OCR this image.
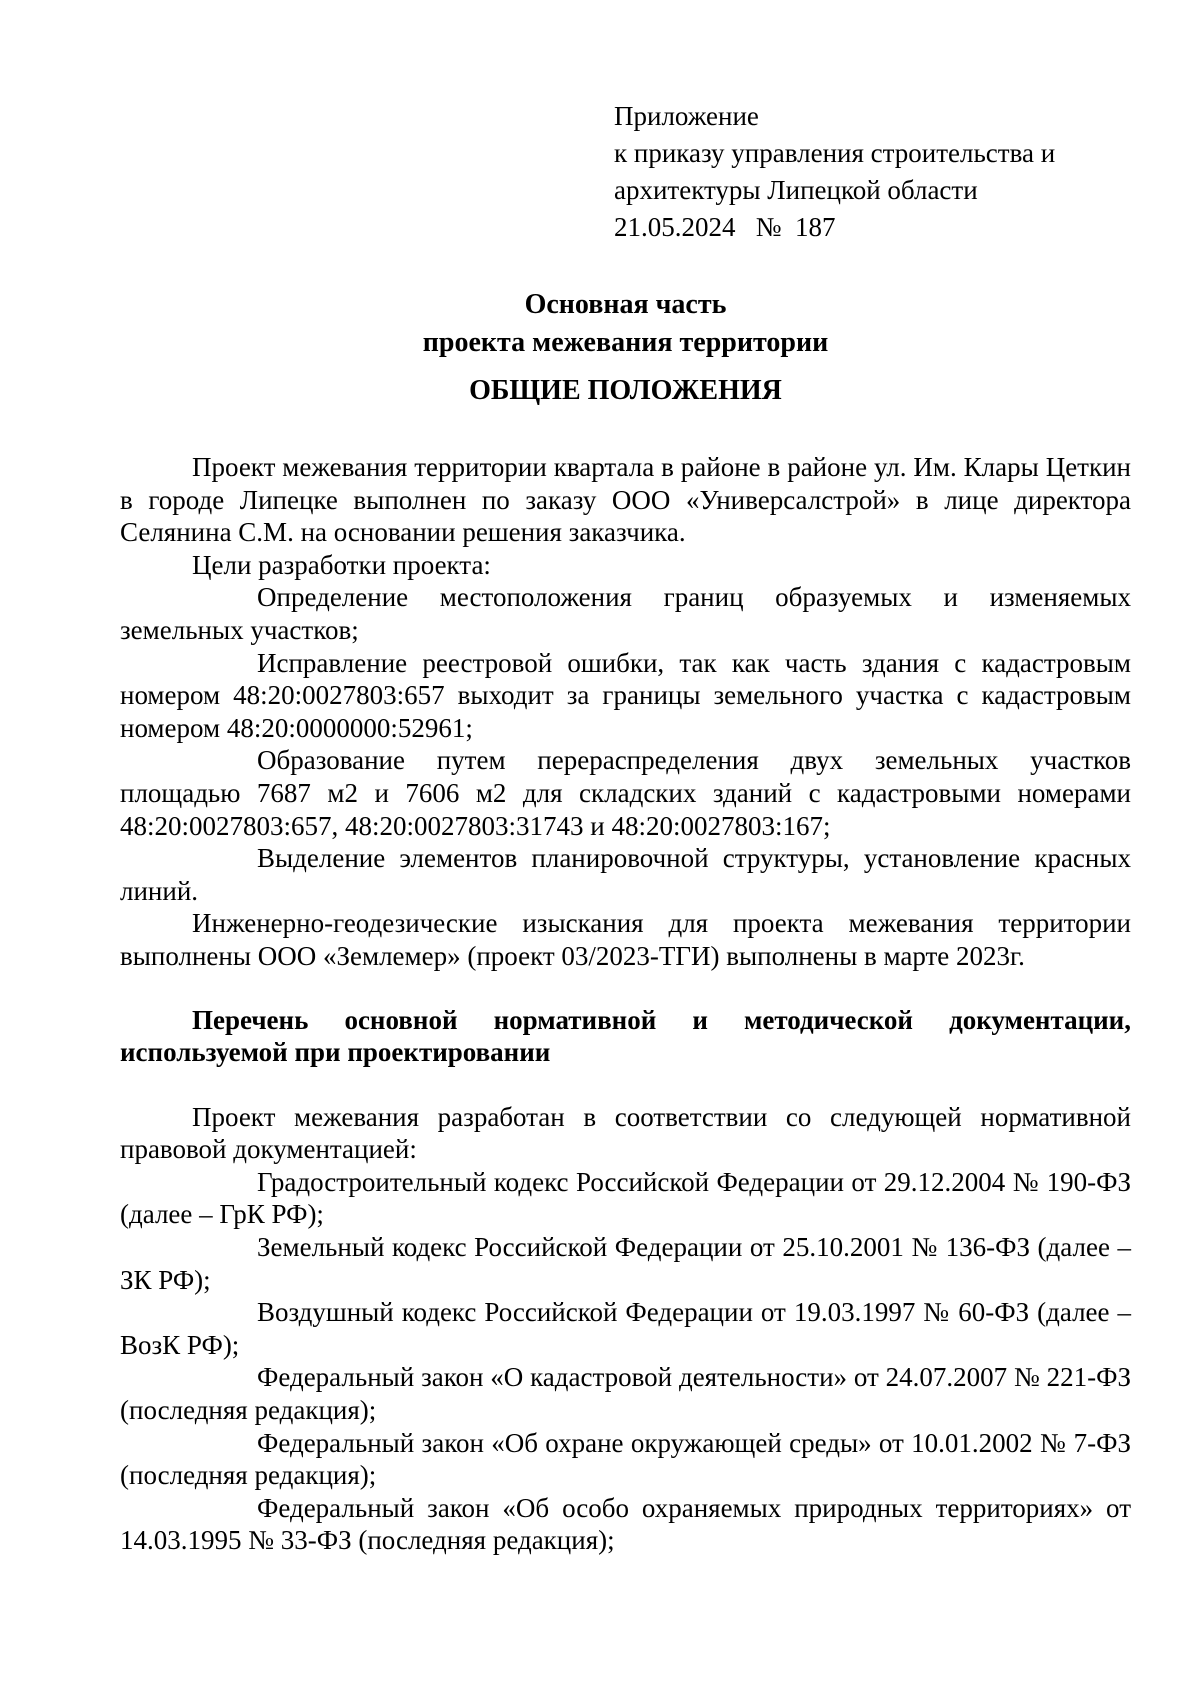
Приложение
к приказу управления строительства и
архитектуры Липецкой области
21.05.2024   №  187
Основная часть
проекта межевания территории
ОБЩИЕ ПОЛОЖЕНИЯ

Проект межевания территории квартала в районе в районе ул. Им. Клары Цеткин в городе Липецке выполнен по заказу ООО «Универсалстрой» в лице директора Селянина С.М. на основании решения заказчика.

Цели разработки проекта:

Определение местоположения границ образуемых и изменяемых земельных участков;

Исправление реестровой ошибки, так как часть здания с кадастровым номером 48:20:0027803:657 выходит за границы земельного участка с кадастровым номером 48:20:0000000:52961;

Образование путем перераспределения двух земельных участков площадью 7687 м2 и 7606 м2 для складских зданий с кадастровыми номерами 48:20:0027803:657, 48:20:0027803:31743 и 48:20:0027803:167;

Выделение элементов планировочной структуры, установление красных линий.

Инженерно-геодезические изыскания для проекта межевания территории выполнены ООО «Землемер» (проект 03/2023-ТГИ) выполнены в марте 2023г.

Перечень основной нормативной и методической документации, используемой при проектировании

Проект межевания разработан в соответствии со следующей нормативной правовой документацией:

Градостроительный кодекс Российской Федерации от 29.12.2004 № 190-ФЗ (далее – ГрК РФ);

Земельный кодекс Российской Федерации от 25.10.2001 № 136-ФЗ (далее – ЗК РФ);

Воздушный кодекс Российской Федерации от 19.03.1997 № 60-ФЗ (далее – ВозК РФ);

Федеральный закон «О кадастровой деятельности» от 24.07.2007 № 221-ФЗ (последняя редакция);

Федеральный закон «Об охране окружающей среды» от 10.01.2002 № 7-ФЗ (последняя редакция);

Федеральный закон «Об особо охраняемых природных территориях» от 14.03.1995 № 33-ФЗ (последняя редакция);
